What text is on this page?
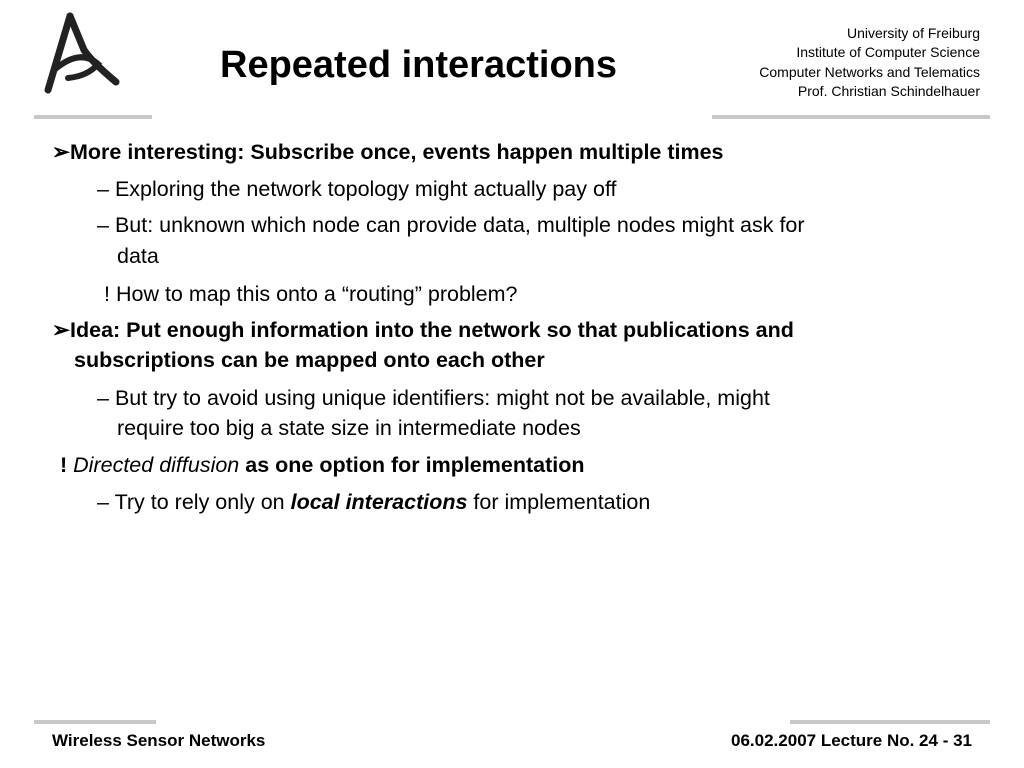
Repeated interactions
University of Freiburg
Institute of Computer Science
Computer Networks and Telematics
Prof. Christian Schindelhauer
➢More interesting: Subscribe once, events happen multiple times
– Exploring the network topology might actually pay off
– But: unknown which node can provide data, multiple nodes might ask for
data
! How to map this onto a “routing” problem?
➢Idea: Put enough information into the network so that publications and
subscriptions can be mapped onto each other
– But try to avoid using unique identifiers: might not be available, might
require too big a state size in intermediate nodes
! Directed diffusion as one option for implementation
– Try to rely only on local interactions for implementation
Wireless Sensor Networks	06.02.2007 Lecture No. 24 - 31
